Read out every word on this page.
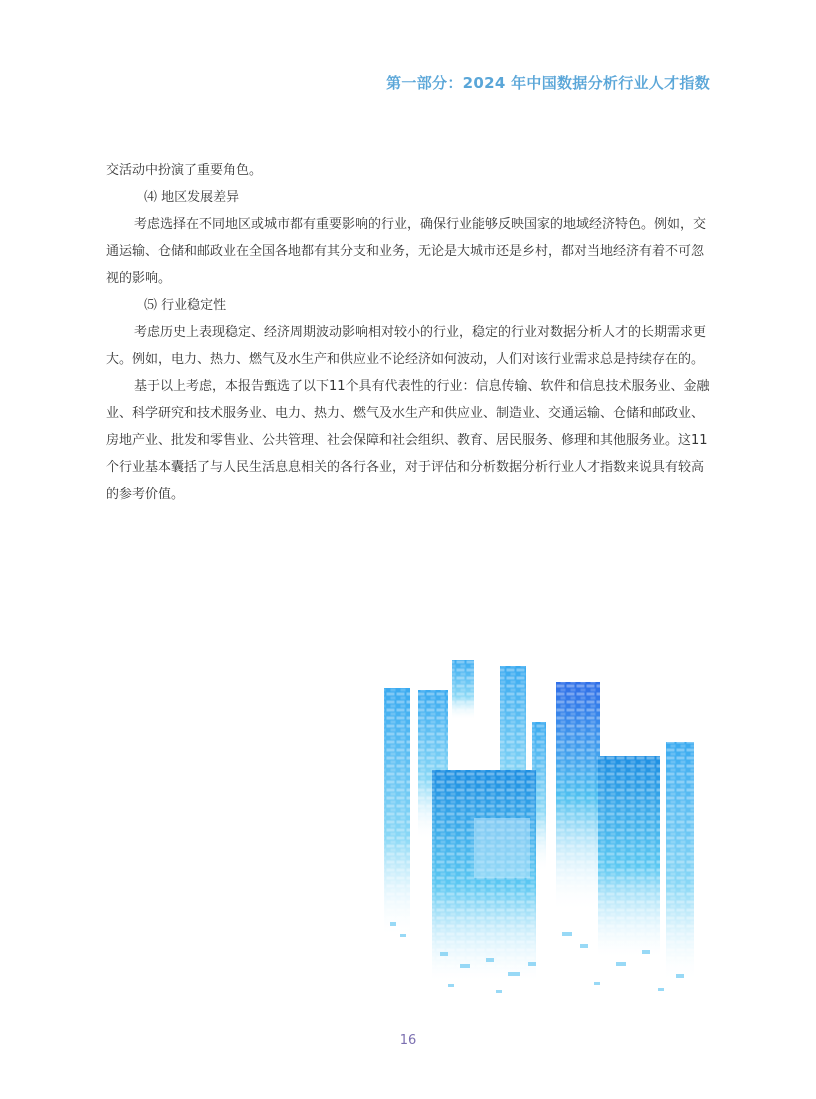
第一部分：2024 年中国数据分析行业人才指数

交活动中扮演了重要角色。

⑷ 地区发展差异

考虑选择在不同地区或城市都有重要影响的行业，确保行业能够反映国家的地域经济特色。例如，交通运输、仓储和邮政业在全国各地都有其分支和业务，无论是大城市还是乡村，都对当地经济有着不可忽视的影响。

⑸ 行业稳定性

考虑历史上表现稳定、经济周期波动影响相对较小的行业，稳定的行业对数据分析人才的长期需求更大。例如，电力、热力、燃气及水生产和供应业不论经济如何波动，人们对该行业需求总是持续存在的。

基于以上考虑，本报告甄选了以下11个具有代表性的行业：信息传输、软件和信息技术服务业、金融业、科学研究和技术服务业、电力、热力、燃气及水生产和供应业、制造业、交通运输、仓储和邮政业、房地产业、批发和零售业、公共管理、社会保障和社会组织、教育、居民服务、修理和其他服务业。这11个行业基本囊括了与人民生活息息相关的各行各业，对于评估和分析数据分析行业人才指数来说具有较高的参考价值。

16
